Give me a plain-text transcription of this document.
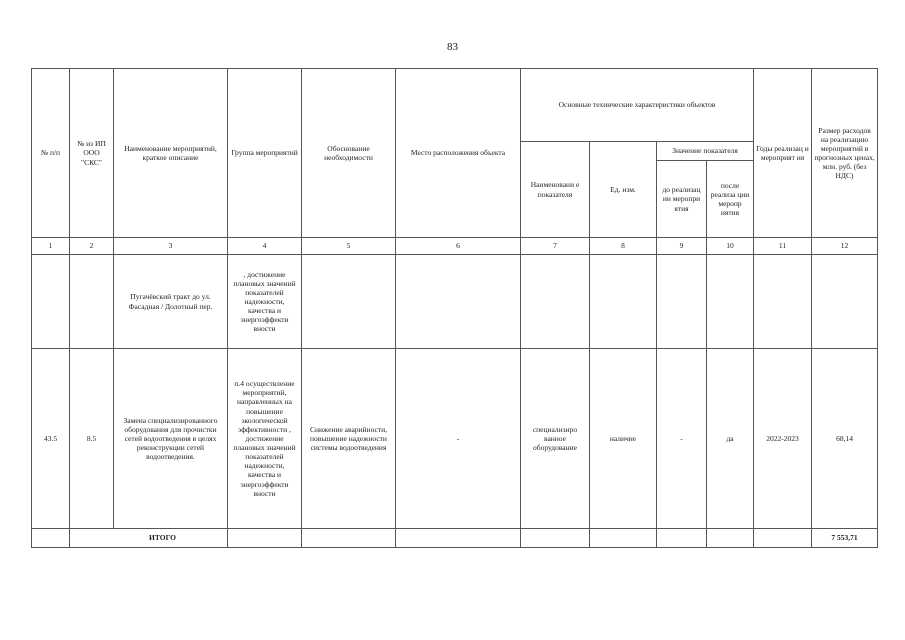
83
№ п/п	№ из ИП ООО "СКС"	Наименование мероприятий, краткое описание	Группа мероприятий	Обоснование необходимости	Место расположения объекта	Основные технические характеристики объектов				Годы реализац и мероприят ия	Размер расходов на реализацию мероприятий в прогнозных ценах, млн. руб. (без НДС)
						Наименовани е показателя	Ед. изм.	Значение показателя			
								до реализац ии меропри ятия	после реализа ции меропр иятия		
1	2	3	4	5	6	7	8	9	10	11	12
		Пугачёвский тракт до ул. Фасадная / Долотный пер.	, достижение плановых значений показателей надежности, качества и энергоэффекти вности								
43.5	8.5	Замена специализированного оборудования для прочистки сетей водоотведения в целях реконструкции сетей водоотведения.	п.4 осуществление мероприятий, направленных на повышение экологической эффективности , достижение плановых значений показателей надежности, качества и энергоэффекти вности	Снижение аварийности, повышение надежности системы водоотведения	-	специализиро ванное оборудование	наличие	-	да	2022-2023	68,14
	ИТОГО										7 553,71
